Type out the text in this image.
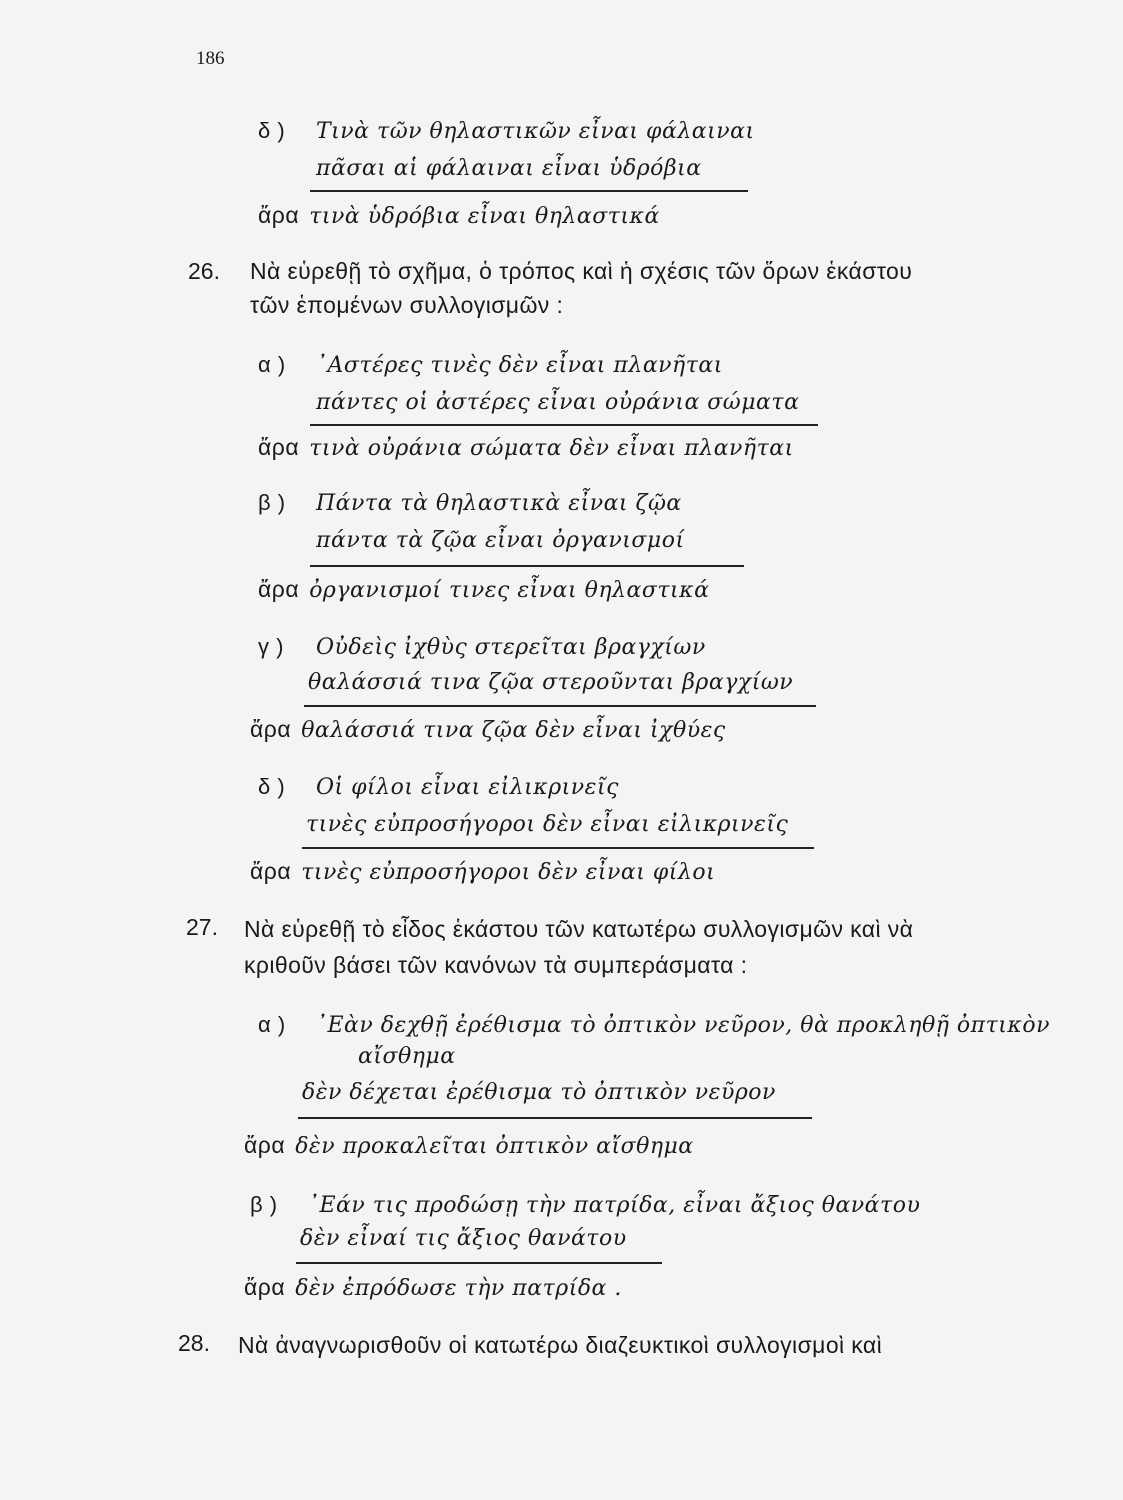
186
δ ) Τινὰ τῶν θηλαστικῶν εἶναι φάλαιναι
πᾶσαι αἱ φάλαιναι εἶναι ὑδρόβια
ἄρα τινὰ ὑδρόβια εἶναι θηλαστικά
26. Νὰ εὑρεθῇ τὸ σχῆμα, ὁ τρόπος καὶ ἡ σχέσις τῶν ὅρων ἑκάστου
τῶν ἑπομένων συλλογισμῶν :
α ) ᾿Αστέρες τινὲς δὲν εἶναι πλανῆται
πάντες οἱ ἀστέρες εἶναι οὐράνια σώματα
ἄρα τινὰ οὐράνια σώματα δὲν εἶναι πλανῆται
β ) Πάντα τὰ θηλαστικὰ εἶναι ζῷα
πάντα τὰ ζῷα εἶναι ὀργανισμοί
ἄρα ὀργανισμοί τινες εἶναι θηλαστικά
γ ) Οὐδεὶς ἰχθὺς στερεῖται βραγχίων
θαλάσσιά τινα ζῷα στεροῦνται βραγχίων
ἄρα θαλάσσιά τινα ζῷα δὲν εἶναι ἰχθύες
δ ) Οἱ φίλοι εἶναι εἰλικρινεῖς
τινὲς εὐπροσήγοροι δὲν εἶναι εἰλικρινεῖς
ἄρα τινὲς εὐπροσήγοροι δὲν εἶναι φίλοι
27. Νὰ εὑρεθῇ τὸ εἶδος ἑκάστου τῶν κατωτέρω συλλογισμῶν καὶ νὰ
κριθοῦν βάσει τῶν κανόνων τὰ συμπεράσματα :
α ) ᾿Εὰν δεχθῇ ἐρέθισμα τὸ ὀπτικὸν νεῦρον, θὰ προκληθῇ ὀπτικὸν
αἴσθημα
δὲν δέχεται ἐρέθισμα τὸ ὀπτικὸν νεῦρον
ἄρα δὲν προκαλεῖται ὀπτικὸν αἴσθημα
β ) ᾿Εάν τις προδώσῃ τὴν πατρίδα, εἶναι ἄξιος θανάτου
δὲν εἶναί τις ἄξιος θανάτου
ἄρα δὲν ἐπρόδωσε τὴν πατρίδα .
28. Νὰ ἀναγνωρισθοῦν οἱ κατωτέρω διαζευκτικοὶ συλλογισμοὶ καὶ
